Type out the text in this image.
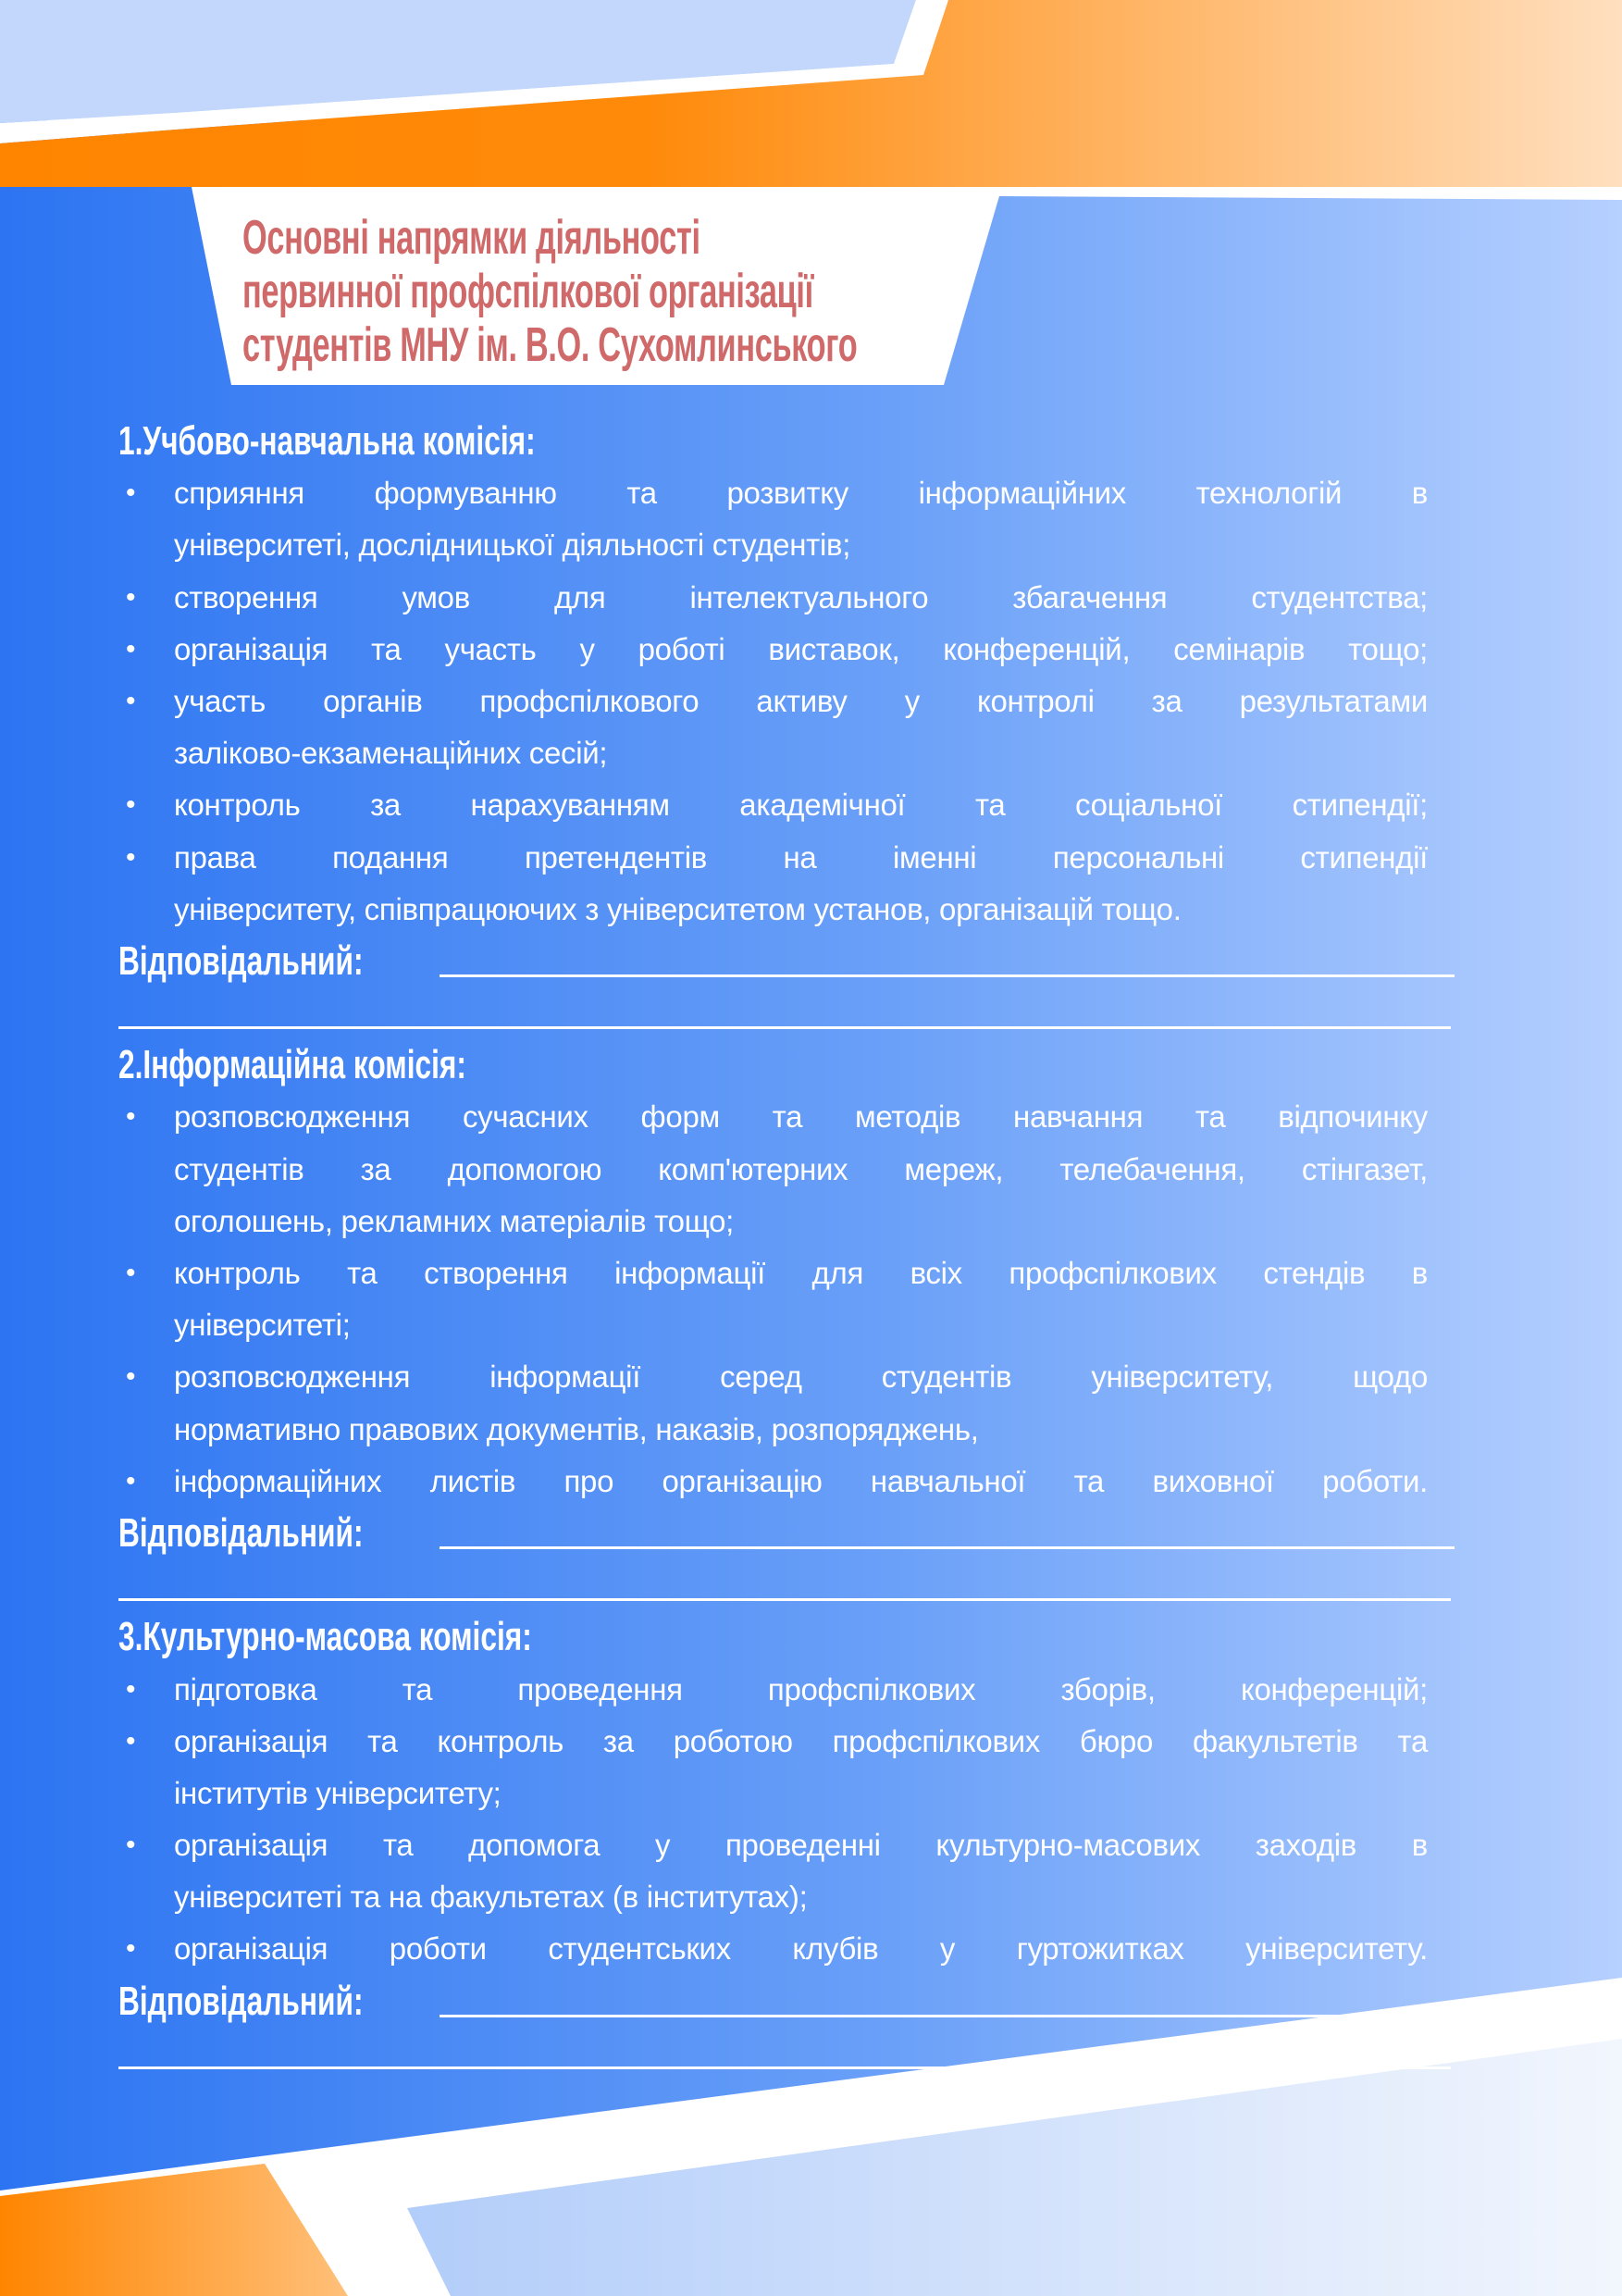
Основні напрямки діяльності
первинної профспілкової організації
студентів МНУ ім. В.О. Сухомлинського
1.Учбово-навчальна комісія:
• сприяння формуванню та розвитку інформаційних технологій в
університеті, дослідницької діяльності студентів;
• створення умов для інтелектуального збагачення студентства;
• організація та участь у роботі виставок, конференцій, семінарів тощо;
• участь органів профспілкового активу у контролі за результатами
заліково-екзаменаційних сесій;
• контроль за нарахуванням академічної та соціальної стипендії;
• права подання претендентів на іменні персональні стипендії
університету, співпрацюючих з університетом установ, організацій тощо.
Відповідальний:
2.Інформаційна комісія:
• розповсюдження сучасних форм та методів навчання та відпочинку
студентів за допомогою комп'ютерних мереж, телебачення, стінгазет,
оголошень, рекламних матеріалів тощо;
• контроль та створення інформації для всіх профспілкових стендів в
університеті;
• розповсюдження інформації серед студентів університету, щодо
нормативно правових документів, наказів, розпоряджень,
• інформаційних листів про організацію навчальної та виховної роботи.
Відповідальний:
3.Культурно-масова комісія:
• підготовка та проведення профспілкових зборів, конференцій;
• організація та контроль за роботою профспілкових бюро факультетів та
інститутів університету;
• організація та допомога у проведенні культурно-масових заходів в
університеті та на факультетах (в інститутах);
• організація роботи студентських клубів у гуртожитках університету.
Відповідальний:
